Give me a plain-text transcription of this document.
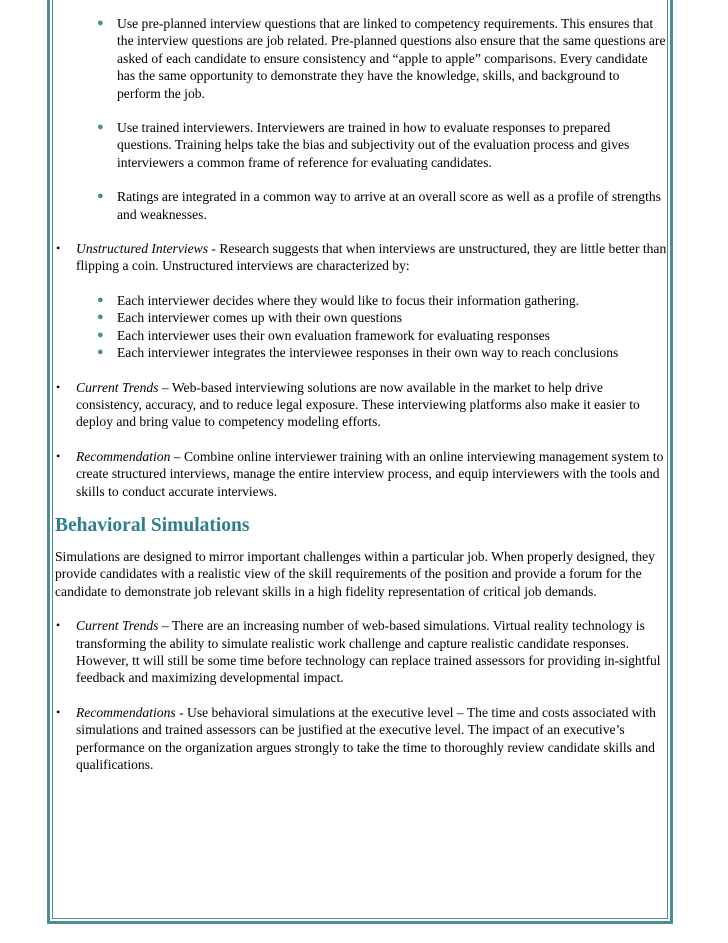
● Use pre-planned interview questions that are linked to competency requirements. This ensures that the interview questions are job related. Pre-planned questions also ensure that the same questions are asked of each candidate to ensure consistency and “apple to apple” comparisons. Every candidate has the same opportunity to demonstrate they have the knowledge, skills, and background to perform the job.

● Use trained interviewers. Interviewers are trained in how to evaluate responses to prepared questions. Training helps take the bias and subjectivity out of the evaluation process and gives interviewers a common frame of reference for evaluating candidates.

● Ratings are integrated in a common way to arrive at an overall score as well as a profile of strengths and weaknesses.

• Unstructured Interviews - Research suggests that when interviews are unstructured, they are little better than flipping a coin. Unstructured interviews are characterized by:

● Each interviewer decides where they would like to focus their information gathering.

● Each interviewer comes up with their own questions

● Each interviewer uses their own evaluation framework for evaluating responses

● Each interviewer integrates the interviewee responses in their own way to reach conclusions

• Current Trends – Web-based interviewing solutions are now available in the market to help drive consistency, accuracy, and to reduce legal exposure. These interviewing platforms also make it easier to deploy and bring value to competency modeling efforts.

• Recommendation – Combine online interviewer training with an online interviewing management system to create structured interviews, manage the entire interview process, and equip interviewers with the tools and skills to conduct accurate interviews.

Behavioral Simulations

Simulations are designed to mirror important challenges within a particular job. When properly designed, they provide candidates with a realistic view of the skill requirements of the position and provide a forum for the candidate to demonstrate job relevant skills in a high fidelity representation of critical job demands.

• Current Trends – There are an increasing number of web-based simulations. Virtual reality technology is transforming the ability to simulate realistic work challenge and capture realistic candidate responses. However, tt will still be some time before technology can replace trained assessors for providing in-sightful feedback and maximizing developmental impact.

• Recommendations - Use behavioral simulations at the executive level – The time and costs associated with simulations and trained assessors can be justified at the executive level. The impact of an executive’s performance on the organization argues strongly to take the time to thoroughly review candidate skills and qualifications.
